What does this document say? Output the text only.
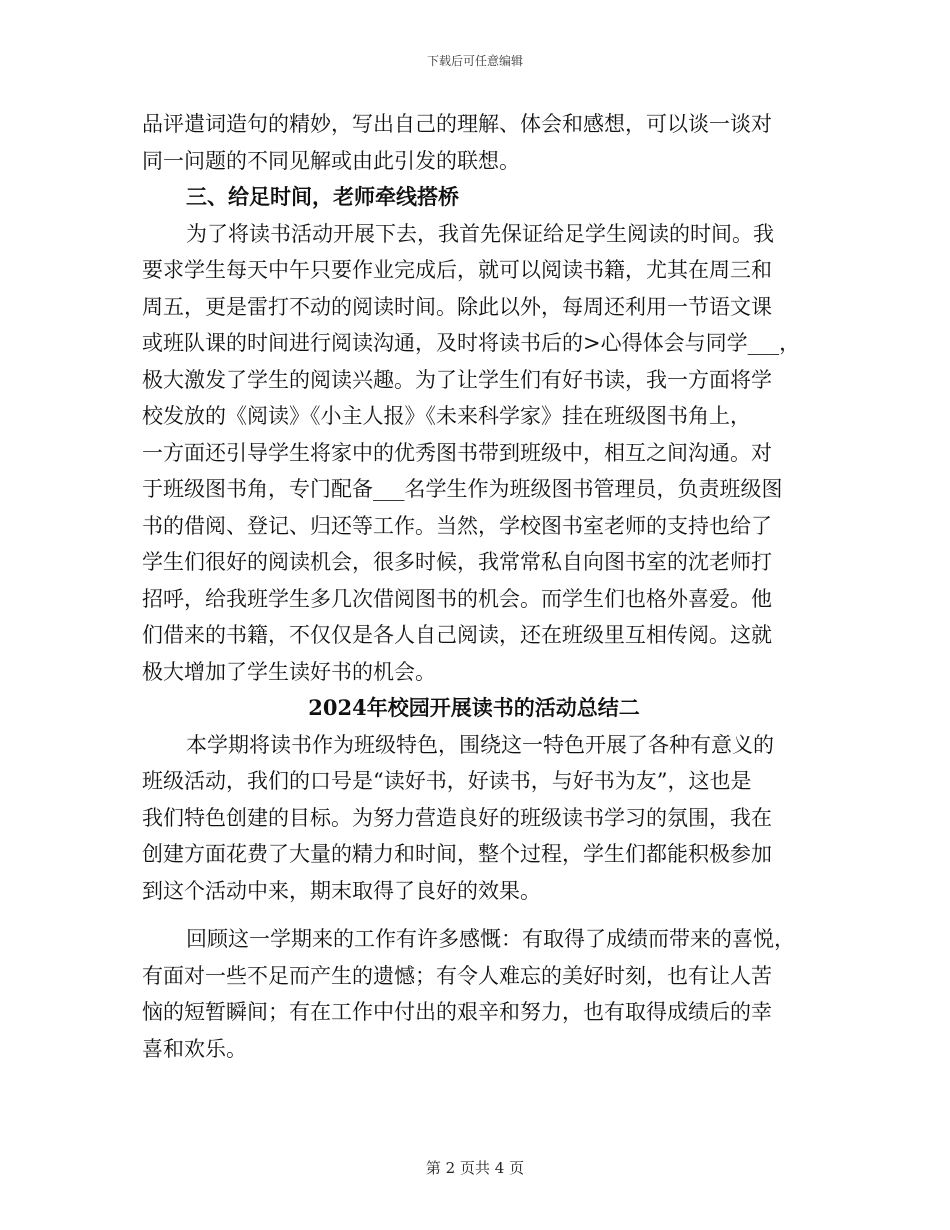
下载后可任意编辑
品评遣词造句的精妙，写出自己的理解、体会和感想，可以谈一谈对
同一问题的不同见解或由此引发的联想。
三、给足时间，老师牵线搭桥
为了将读书活动开展下去，我首先保证给足学生阅读的时间。我
要求学生每天中午只要作业完成后，就可以阅读书籍，尤其在周三和
周五，更是雷打不动的阅读时间。除此以外，每周还利用一节语文课
或班队课的时间进行阅读沟通，及时将读书后的>心得体会与同学___，
极大激发了学生的阅读兴趣。为了让学生们有好书读，我一方面将学
校发放的《阅读》《小主人报》《未来科学家》挂在班级图书角上，
一方面还引导学生将家中的优秀图书带到班级中，相互之间沟通。对
于班级图书角，专门配备___名学生作为班级图书管理员，负责班级图
书的借阅、登记、归还等工作。当然，学校图书室老师的支持也给了
学生们很好的阅读机会，很多时候，我常常私自向图书室的沈老师打
招呼，给我班学生多几次借阅图书的机会。而学生们也格外喜爱。他
们借来的书籍，不仅仅是各人自己阅读，还在班级里互相传阅。这就
极大增加了学生读好书的机会。
2024年校园开展读书的活动总结二
本学期将读书作为班级特色，围绕这一特色开展了各种有意义的
班级活动，我们的口号是“读好书，好读书，与好书为友”，这也是
我们特色创建的目标。为努力营造良好的班级读书学习的氛围，我在
创建方面花费了大量的精力和时间，整个过程，学生们都能积极参加
到这个活动中来，期末取得了良好的效果。
回顾这一学期来的工作有许多感慨：有取得了成绩而带来的喜悦，
有面对一些不足而产生的遗憾；有令人难忘的美好时刻，也有让人苦
恼的短暂瞬间；有在工作中付出的艰辛和努力，也有取得成绩后的幸
喜和欢乐。
第 2 页共 4 页
